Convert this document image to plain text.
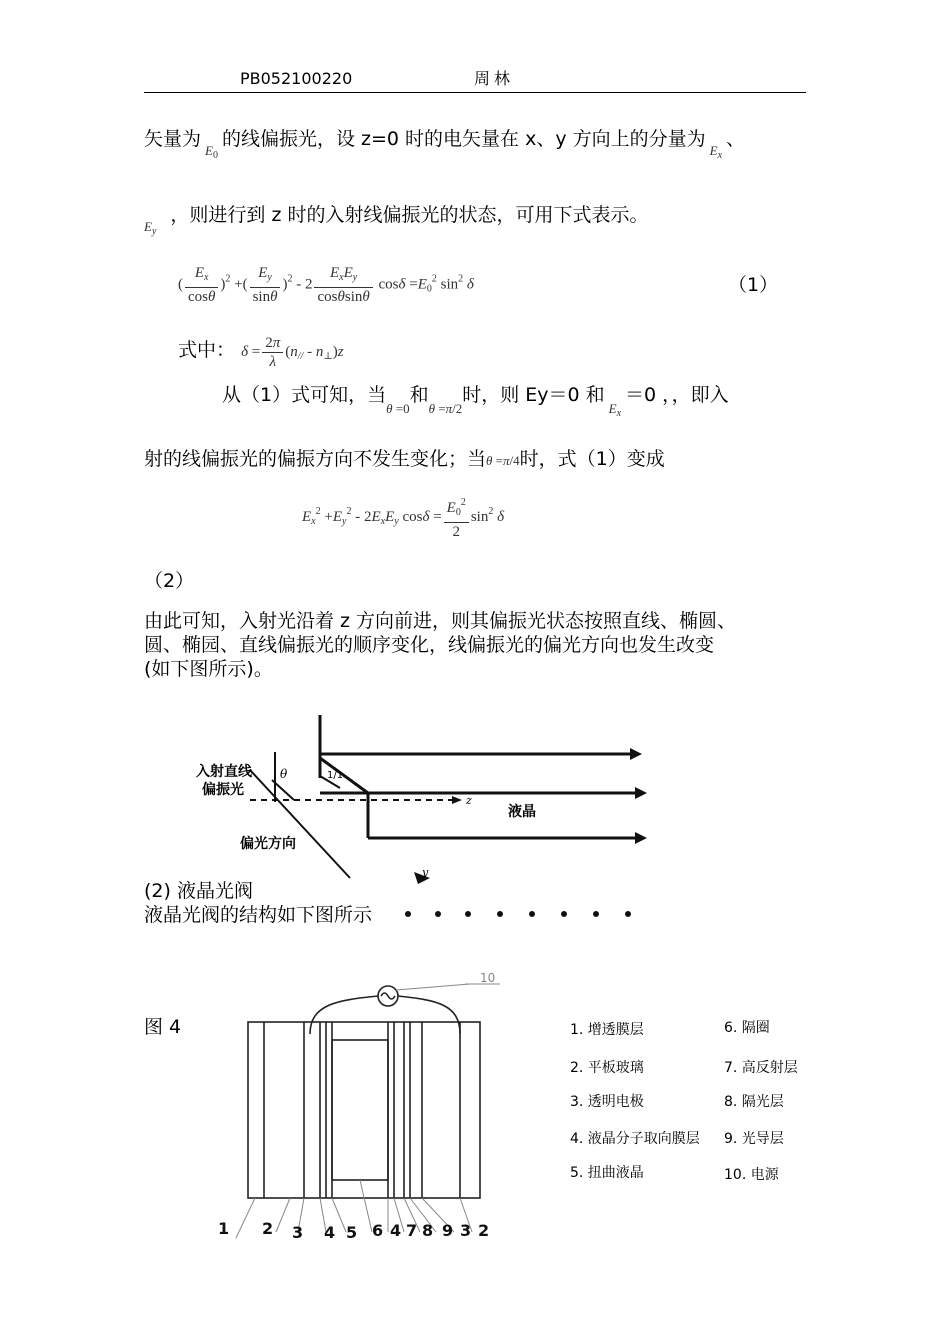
PB052100220	周林
矢量为$_{E_0}$的线偏振光，设 z=0 时的电矢量在 x、y 方向上的分量为$_{E_x}$、
$_{E_y}$，则进行到 z 时的入射线偏振光的状态，可用下式表示。
( $\frac{E_x}{\cos\theta} )^2$ +( $\frac{E_y}{\sin\theta} )^2 - 2 \frac{E_xE_y}{\cos\theta\sin\theta}$ $\cos\delta =E_0^2$ $\sin^2 \delta$	（1）
式中： $\delta = \frac{2\pi}{\lambda} (n_{//} - n_\perp)z$
从（1）式可知，当$_{\theta =0}$和$_{\theta =\pi/2}$时，则 Ey＝0 和$_{E_x}$＝0 ，，即入
射的线偏振光的偏振方向不发生变化；当θ =π/4时，式（1）变成
$E_x^2 +E_y^2 - 2E_xE_y$ $\cos\delta = \frac{E_0^2}{2} \sin^2 \delta$
（2）
由此可知，入射光沿着 z 方向前进，则其偏振光状态按照直线、椭圆、
圆、椭园、直线偏振光的顺序变化，线偏振光的偏光方向也发生改变
(如下图所示)。
入射直线
偏振光
θ
偏光方向
液晶
z
y
1/1
(2) 液晶光阀
液晶光阀的结构如下图所示
图 4
10
1 2 3 4 5 6 4 7 8 9 3 2
1. 增透膜层
2. 平板玻璃
3. 透明电极
4. 液晶分子取向膜层
5. 扭曲液晶
6. 隔圈
7. 高反射层
8. 隔光层
9. 光导层
10. 电源
